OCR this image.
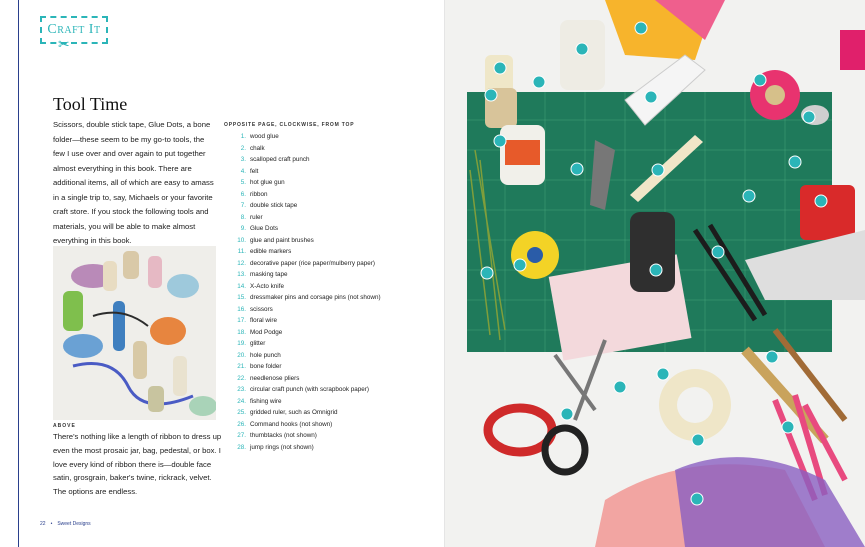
Craft It
✂
Tool Time
Scissors, double stick tape, Glue Dots, a bone folder—these seem to be my go-to tools, the few I use over and over again to put together almost everything in this book. There are additional items, all of which are easy to amass in a single trip to, say, Michaels or your favorite craft store. If you stock the following tools and materials, you will be able to make almost everything in this book.
ABOVE
There's nothing like a length of ribbon to dress up even the most prosaic jar, bag, pedestal, or box. I love every kind of ribbon there is—double face satin, grosgrain, baker's twine, rickrack, velvet. The options are endless.
22 • Sweet Designs
OPPOSITE PAGE, CLOCKWISE, FROM TOP
1. wood glue
2. chalk
3. scalloped craft punch
4. felt
5. hot glue gun
6. ribbon
7. double stick tape
8. ruler
9. Glue Dots
10. glue and paint brushes
11. edible markers
12. decorative paper (rice paper/mulberry paper)
13. masking tape
14. X-Acto knife
15. dressmaker pins and corsage pins (not shown)
16. scissors
17. floral wire
18. Mod Podge
19. glitter
20. hole punch
21. bone folder
22. needlenose pliers
23. circular craft punch (with scrapbook paper)
24. fishing wire
25. gridded ruler, such as Omnigrid
26. Command hooks (not shown)
27. thumbtacks (not shown)
28. jump rings (not shown)
